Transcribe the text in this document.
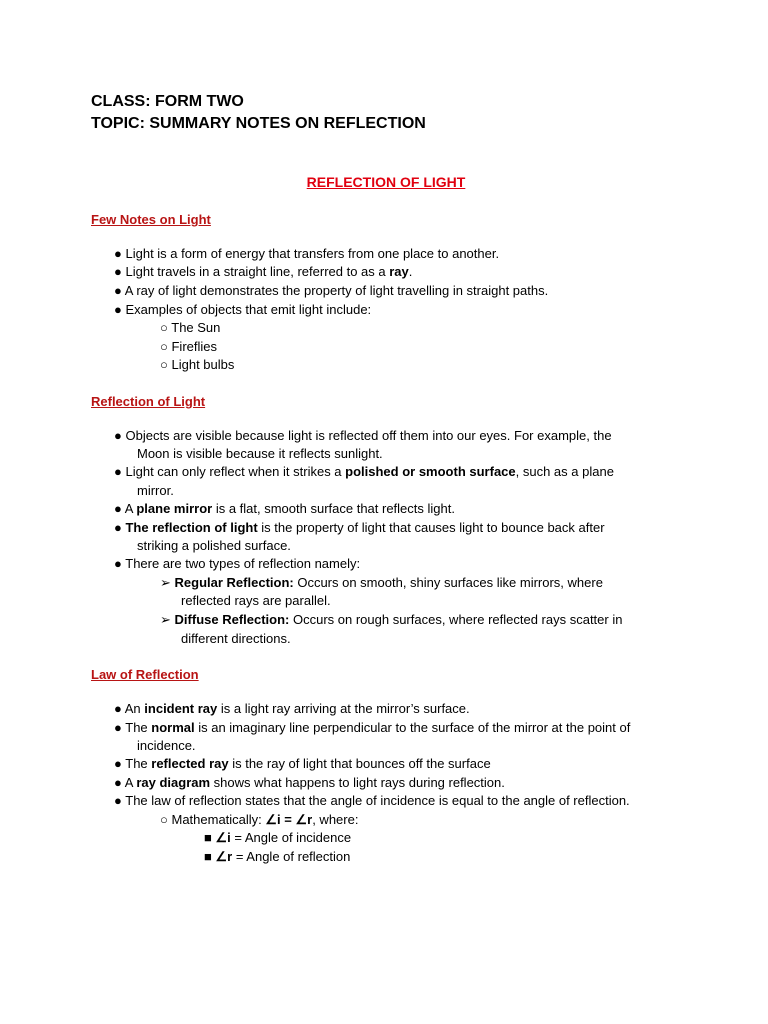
CLASS: FORM TWO
TOPIC: SUMMARY NOTES ON REFLECTION
REFLECTION OF LIGHT
Few Notes on Light
● Light is a form of energy that transfers from one place to another.
● Light travels in a straight line, referred to as a ray.
● A ray of light demonstrates the property of light travelling in straight paths.
● Examples of objects that emit light include:
○ The Sun
○ Fireflies
○ Light bulbs
Reflection of Light
● Objects are visible because light is reflected off them into our eyes. For example, the
Moon is visible because it reflects sunlight.
● Light can only reflect when it strikes a polished or smooth surface, such as a plane
mirror.
● A plane mirror is a flat, smooth surface that reflects light.
● The reflection of light is the property of light that causes light to bounce back after
striking a polished surface.
● There are two types of reflection namely:
➢ Regular Reflection: Occurs on smooth, shiny surfaces like mirrors, where
reflected rays are parallel.
➢ Diffuse Reflection: Occurs on rough surfaces, where reflected rays scatter in
different directions.
Law of Reflection
● An incident ray is a light ray arriving at the mirror’s surface.
● The normal is an imaginary line perpendicular to the surface of the mirror at the point of
incidence.
● The reflected ray is the ray of light that bounces off the surface
● A ray diagram shows what happens to light rays during reflection.
● The law of reflection states that the angle of incidence is equal to the angle of reflection.
○ Mathematically: ∠i = ∠r, where:
■ ∠i = Angle of incidence
■ ∠r = Angle of reflection
